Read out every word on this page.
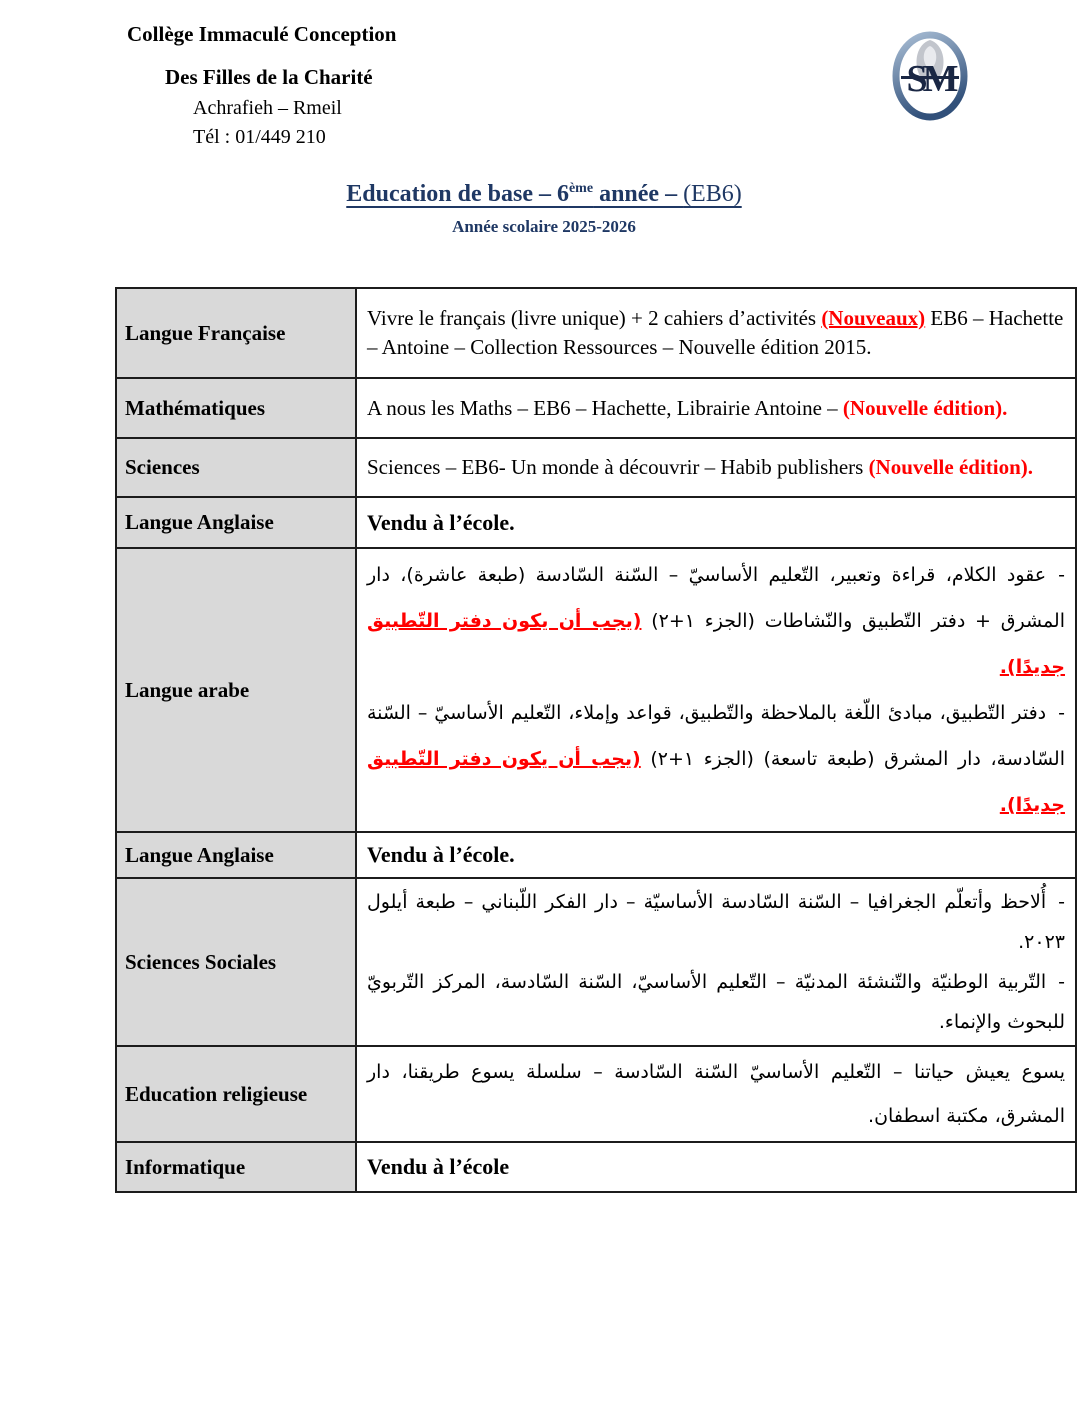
Collège Immaculé Conception
Des Filles de la Charité
Achrafieh – Rmeil
Tél : 01/449 210
SM
Education de base – 6ème année – (EB6)
Année scolaire 2025-2026
Langue Française	Vivre le français (livre unique) + 2 cahiers d’activités (Nouveaux) EB6 – Hachette – Antoine – Collection Ressources – Nouvelle édition 2015.

Mathématiques	A nous les Maths – EB6 – Hachette, Librairie Antoine – (Nouvelle édition).

Sciences	Sciences – EB6- Un monde à découvrir – Habib publishers (Nouvelle édition).

Langue Anglaise	Vendu à l’école.

Langue arabe	-عقود الكلام، قراءة وتعبير، التّعليم الأساسيّ – السّنة السّادسة (طبعة عاشرة)، دار المشرق + دفتر التّطبيق والنّشاطات (الجزء ١+٢) (يجب أن يكون دفتر التّطبيق جديدًا).
-دفتر التّطبيق، مبادئ اللّغة بالملاحظة والتّطبيق، قواعد وإملاء، التّعليم الأساسيّ – السّنة السّادسة، دار المشرق (طبعة تاسعة) (الجزء ١+٢) (يجب أن يكون دفتر التّطبيق جديدًا).

Langue Anglaise	Vendu à l’école.

Sciences Sociales	-أُلاحظ وأتعلّم الجغرافيا – السّنة السّادسة الأساسيّة – دار الفكر اللّبناني – طبعة أيلول ٢٠٢٣.
-التّربية الوطنيّة والتّنشئة المدنيّة – التّعليم الأساسيّ، السّنة السّادسة، المركز التّربويّ للبحوث والإنماء.

Education religieuse	يسوع يعيش حياتنا – التّعليم الأساسيّ السّنة السّادسة – سلسلة يسوع طريقنا، دار المشرق، مكتبة اسطفان.

Informatique	Vendu à l’école
